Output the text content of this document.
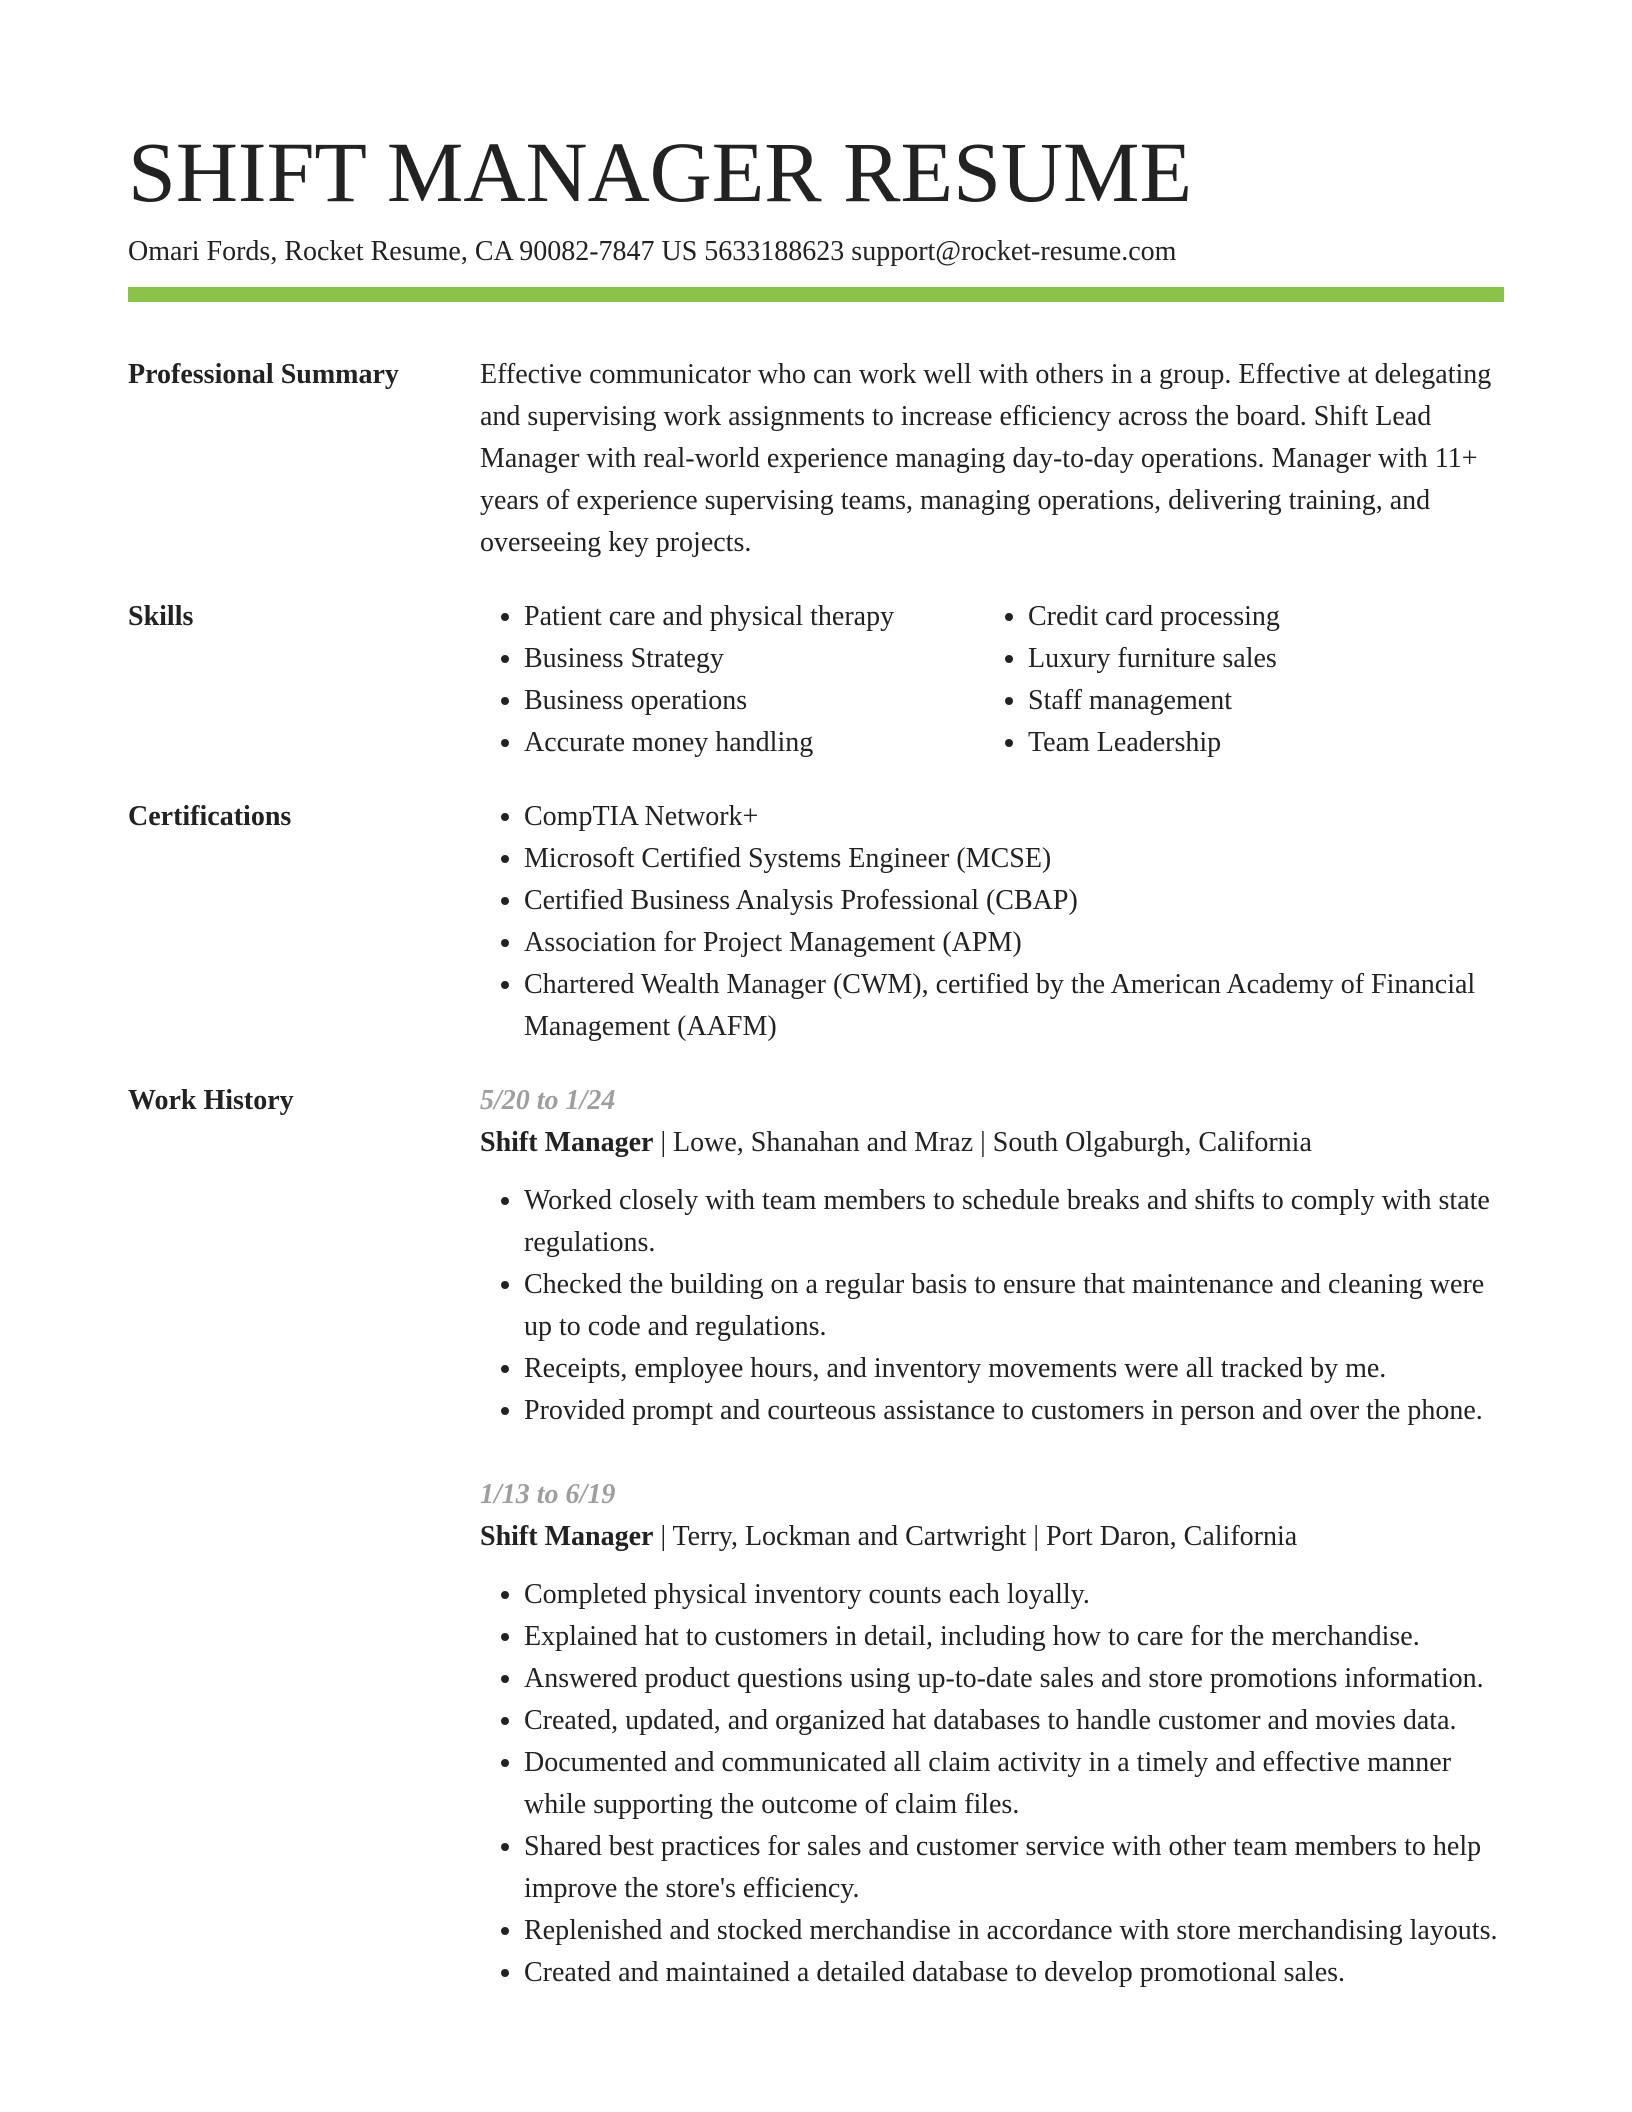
SHIFT MANAGER RESUME
Omari Fords, Rocket Resume, CA 90082-7847 US 5633188623 support@rocket-resume.com
Professional Summary	Effective communicator who can work well with others in a group. Effective at delegating and supervising work assignments to increase efficiency across the board. Shift Lead Manager with real-world experience managing day-to-day operations. Manager with 11+ years of experience supervising teams, managing operations, delivering training, and overseeing key projects.

Skills	• Patient care and physical therapy
• Business Strategy
• Business operations
• Accurate money handling
• Credit card processing
• Luxury furniture sales
• Staff management
• Team Leadership
Certifications	• CompTIA Network+
• Microsoft Certified Systems Engineer (MCSE)
• Certified Business Analysis Professional (CBAP)
• Association for Project Management (APM)
• Chartered Wealth Manager (CWM), certified by the American Academy of Financial Management (AAFM)
Work History	5/20 to 1/24
Shift Manager | Lowe, Shanahan and Mraz | South Olgaburgh, California
• Worked closely with team members to schedule breaks and shifts to comply with state regulations.
• Checked the building on a regular basis to ensure that maintenance and cleaning were up to code and regulations.
• Receipts, employee hours, and inventory movements were all tracked by me.
• Provided prompt and courteous assistance to customers in person and over the phone.
1/13 to 6/19
Shift Manager | Terry, Lockman and Cartwright | Port Daron, California
• Completed physical inventory counts each loyally.
• Explained hat to customers in detail, including how to care for the merchandise.
• Answered product questions using up-to-date sales and store promotions information.
• Created, updated, and organized hat databases to handle customer and movies data.
• Documented and communicated all claim activity in a timely and effective manner while supporting the outcome of claim files.
• Shared best practices for sales and customer service with other team members to help improve the store's efficiency.
• Replenished and stocked merchandise in accordance with store merchandising layouts.
• Created and maintained a detailed database to develop promotional sales.
